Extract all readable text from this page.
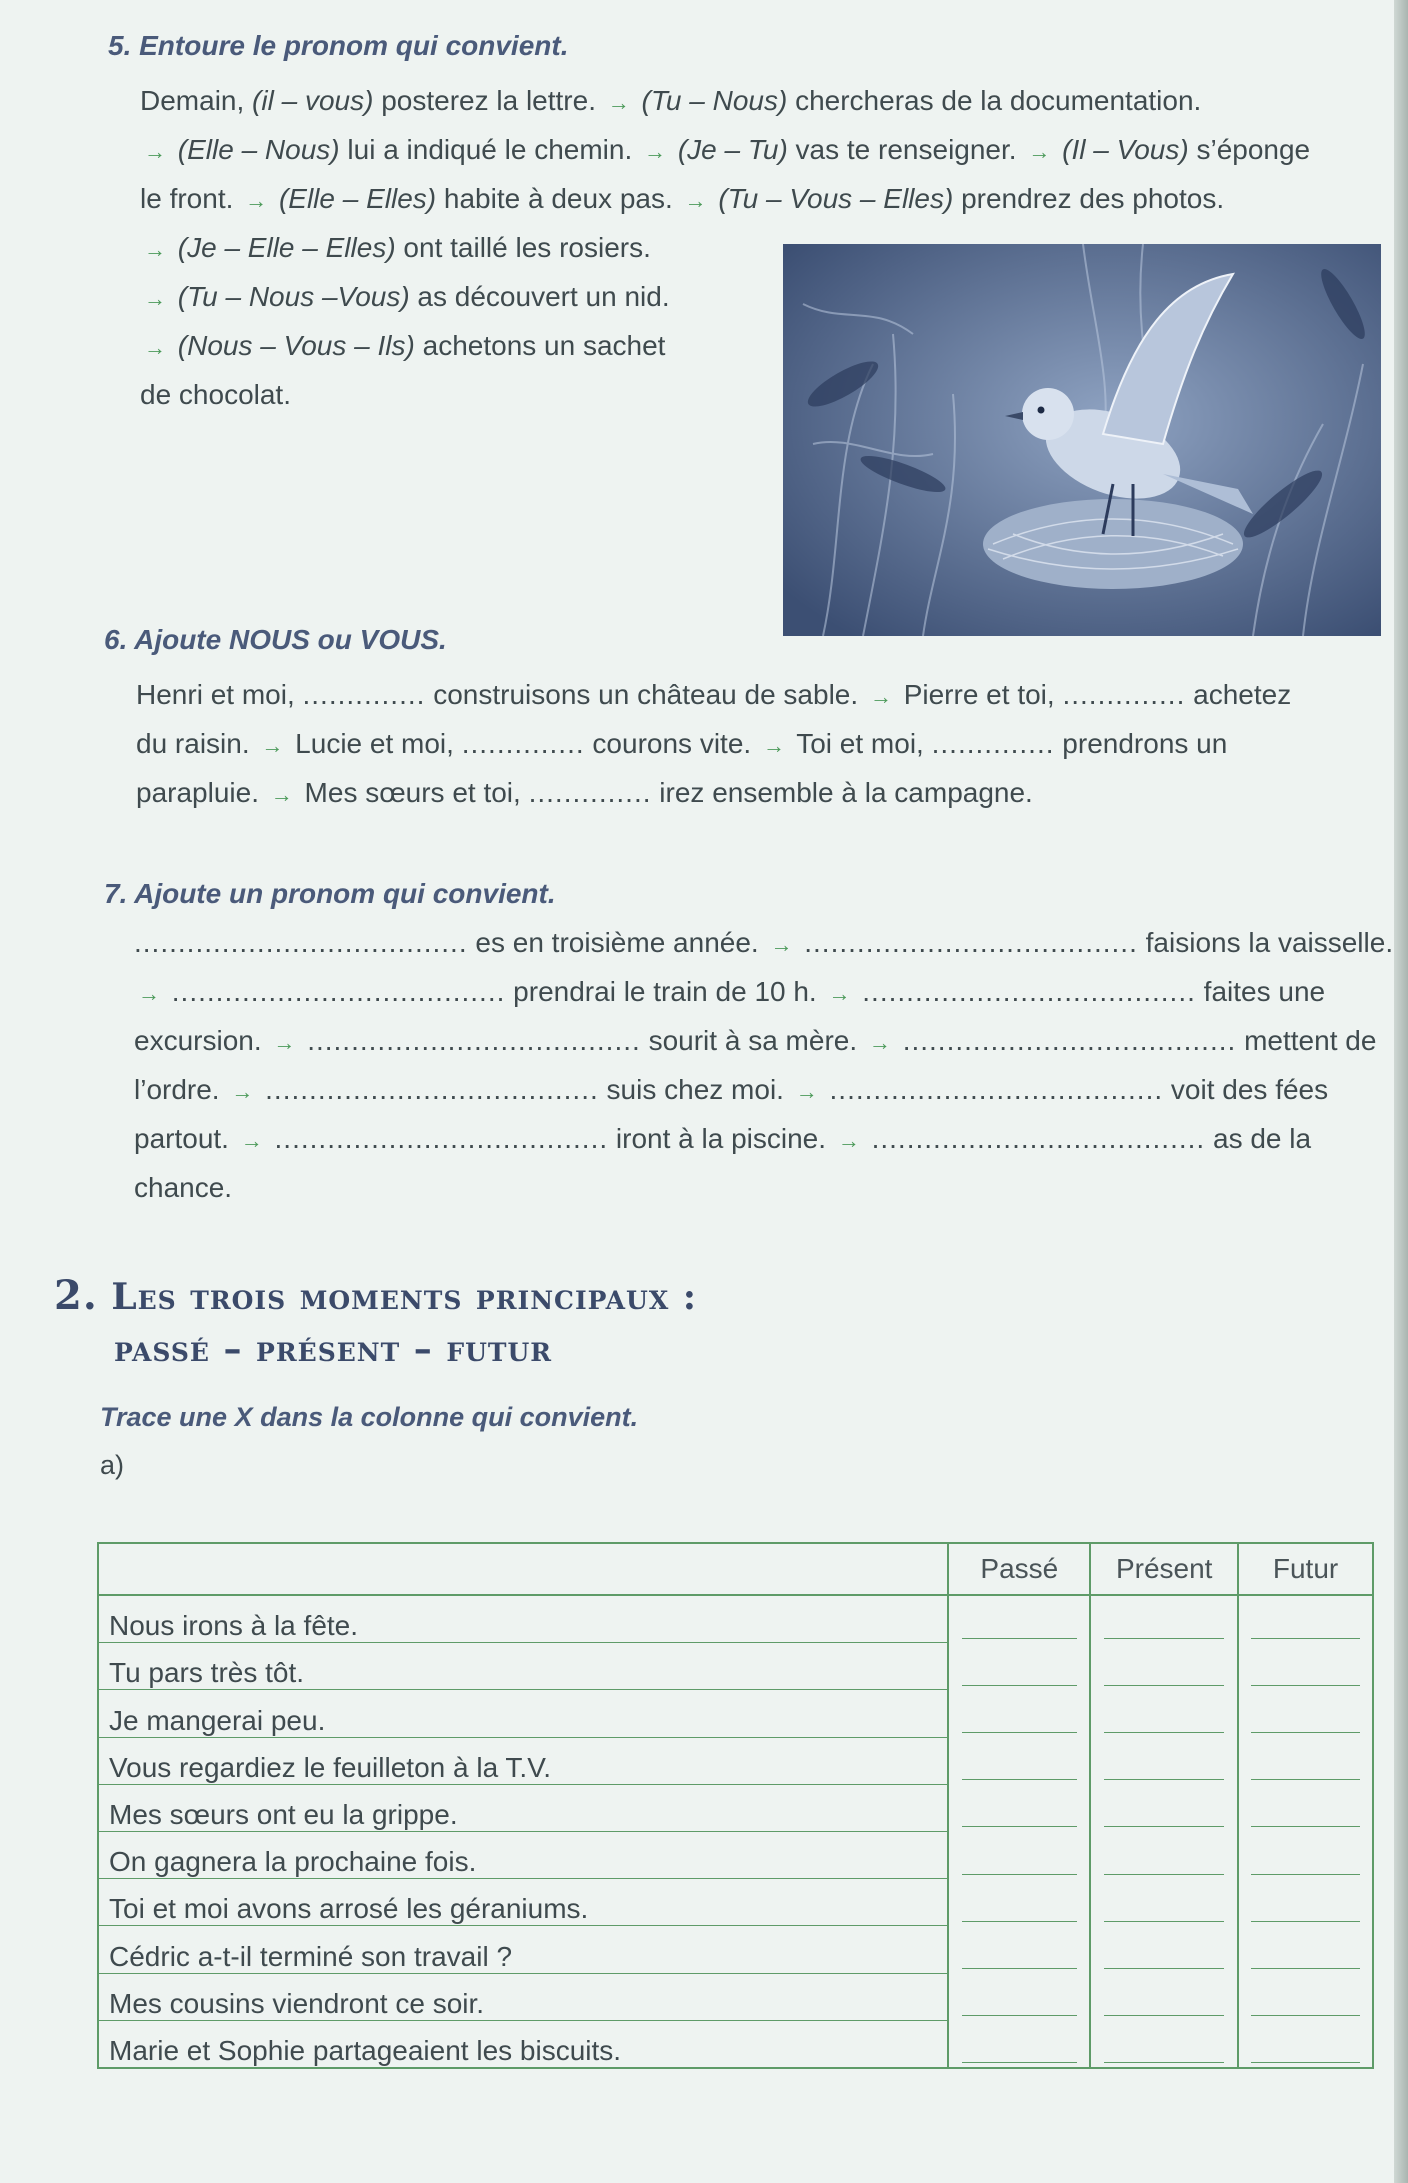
5. Entoure le pronom qui convient.
Demain, (il – vous) posterez la lettre. → (Tu – Nous) chercheras de la documentation.
→ (Elle – Nous) lui a indiqué le chemin. → (Je – Tu) vas te renseigner. → (Il – Vous) s’éponge
le front. → (Elle – Elles) habite à deux pas. → (Tu – Vous – Elles) prendrez des photos.
→ (Je – Elle – Elles) ont taillé les rosiers.
→ (Tu – Nous –Vous) as découvert un nid.
→ (Nous – Vous – Ils) achetons un sachet
de chocolat.
6. Ajoute NOUS ou VOUS.
Henri et moi, .............. construisons un château de sable. → Pierre et toi, .............. achetez
du raisin. → Lucie et moi, .............. courons vite. → Toi et moi, .............. prendrons un
parapluie. → Mes sœurs et toi, .............. irez ensemble à la campagne.
7. Ajoute un pronom qui convient.
...................................... es en troisième année. → ...................................... faisions la vaisselle.
→ ...................................... prendrai le train de 10 h. → ...................................... faites une
excursion. → ...................................... sourit à sa mère. → ...................................... mettent de
l’ordre. → ...................................... suis chez moi. → ...................................... voit des fées
partout. → ...................................... iront à la piscine. → ...................................... as de la
chance.
2. Les trois moments principaux :
passé – présent – futur
Trace une X dans la colonne qui convient.
a)
	Passé	Présent	Futur
Nous irons à la fête.	

Tu pars très tôt.	

Je mangerai peu.	

Vous regardiez le feuilleton à la T.V.	

Mes sœurs ont eu la grippe.	

On gagnera la prochaine fois.	

Toi et moi avons arrosé les géraniums.	

Cédric a-t-il terminé son travail ?	

Mes cousins viendront ce soir.	

Marie et Sophie partageaient les biscuits.	
